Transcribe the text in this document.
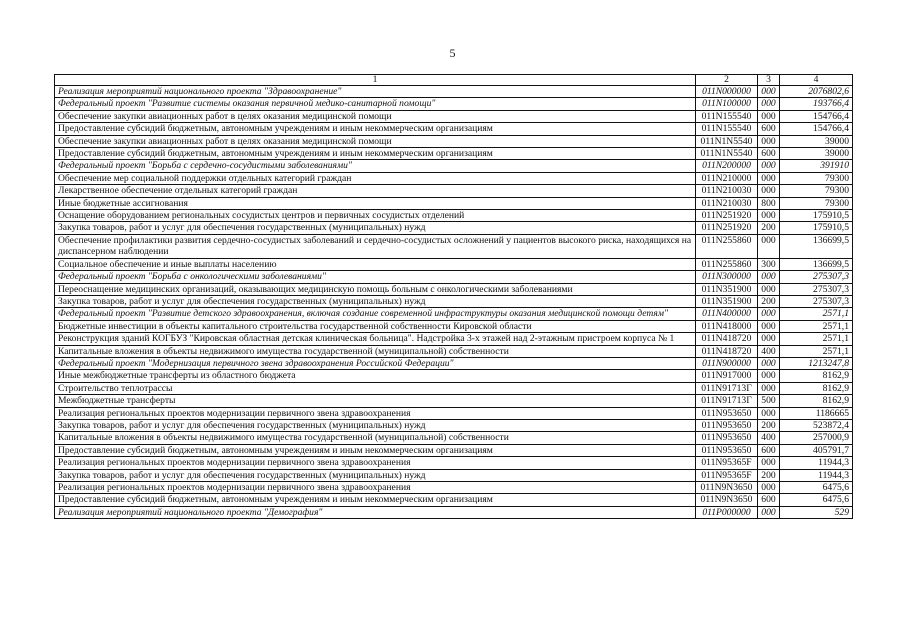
5
1	2	3	4
Реализация мероприятий национального проекта "Здравоохранение"	011N000000	000	2076802,6
Федеральный проект "Развитие системы оказания первичной медико-санитарной помощи"	011N100000	000	193766,4
Обеспечение закупки авиационных работ в целях оказания медицинской помощи	011N155540	000	154766,4
Предоставление субсидий бюджетным, автономным учреждениям и иным некоммерческим организациям	011N155540	600	154766,4
Обеспечение закупки авиационных работ в целях оказания медицинской помощи	011N1N5540	000	39000
Предоставление субсидий бюджетным, автономным учреждениям и иным некоммерческим организациям	011N1N5540	600	39000
Федеральный проект "Борьба с сердечно-сосудистыми заболеваниями"	011N200000	000	391910
Обеспечение мер социальной поддержки отдельных категорий граждан	011N210000	000	79300
Лекарственное обеспечение отдельных категорий граждан	011N210030	000	79300
Иные бюджетные ассигнования	011N210030	800	79300
Оснащение оборудованием региональных сосудистых центров и первичных сосудистых отделений	011N251920	000	175910,5
Закупка товаров, работ и услуг для обеспечения государственных (муниципальных) нужд	011N251920	200	175910,5
Обеспечение профилактики развития сердечно-сосудистых заболеваний и сердечно-сосудистых осложнений у пациентов высокого риска, находящихся на диспансерном наблюдении	011N255860	000	136699,5
Социальное обеспечение и иные выплаты населению	011N255860	300	136699,5
Федеральный проект "Борьба с онкологическими заболеваниями"	011N300000	000	275307,3
Переоснащение медицинских организаций, оказывающих медицинскую помощь больным с онкологическими заболеваниями	011N351900	000	275307,3
Закупка товаров, работ и услуг для обеспечения государственных (муниципальных) нужд	011N351900	200	275307,3
Федеральный проект "Развитие детского здравоохранения, включая создание современной инфраструктуры оказания медицинской помощи детям"	011N400000	000	2571,1
Бюджетные инвестиции в объекты капитального строительства государственной собственности Кировской области	011N418000	000	2571,1
Реконструкция зданий КОГБУЗ "Кировская областная детская клиническая больница". Надстройка 3-х этажей над 2-этажным пристроем корпуса № 1	011N418720	000	2571,1
Капитальные вложения в объекты недвижимого имущества государственной (муниципальной) собственности	011N418720	400	2571,1
Федеральный проект "Модернизация первичного звена здравоохранения Российской Федерации"	011N900000	000	1213247,8
Иные межбюджетные трансферты из областного бюджета	011N917000	000	8162,9
Строительство теплотрассы	011N91713Г	000	8162,9
Межбюджетные трансферты	011N91713Г	500	8162,9
Реализация региональных проектов модернизации первичного звена здравоохранения	011N953650	000	1186665
Закупка товаров, работ и услуг для обеспечения государственных (муниципальных) нужд	011N953650	200	523872,4
Капитальные вложения в объекты недвижимого имущества государственной (муниципальной) собственности	011N953650	400	257000,9
Предоставление субсидий бюджетным, автономным учреждениям и иным некоммерческим организациям	011N953650	600	405791,7
Реализация региональных проектов модернизации первичного звена здравоохранения	011N95365F	000	11944,3
Закупка товаров, работ и услуг для обеспечения государственных (муниципальных) нужд	011N95365F	200	11944,3
Реализация региональных проектов модернизации первичного звена здравоохранения	011N9N3650	000	6475,6
Предоставление субсидий бюджетным, автономным учреждениям и иным некоммерческим организациям	011N9N3650	600	6475,6
Реализация мероприятий национального проекта "Демография"	011P000000	000	529
